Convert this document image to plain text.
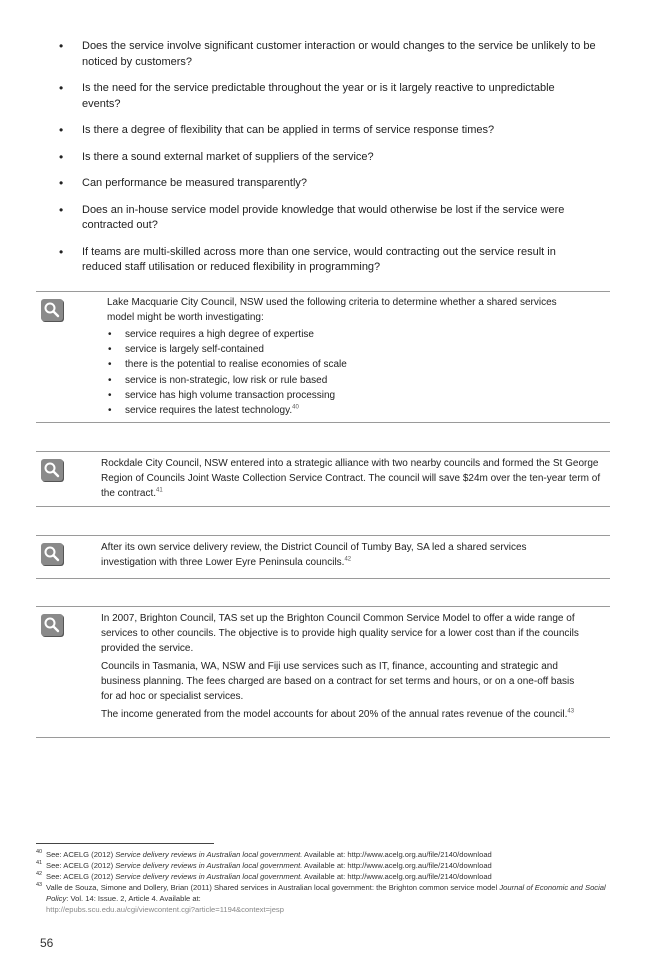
• Does the service involve significant customer interaction or would changes to the service be unlikely to be noticed by customers?
• Is the need for the service predictable throughout the year or is it largely reactive to unpredictable events?
• Is there a degree of flexibility that can be applied in terms of service response times?
• Is there a sound external market of suppliers of the service?
• Can performance be measured transparently?
• Does an in-house service model provide knowledge that would otherwise be lost if the service were contracted out?
• If teams are multi-skilled across more than one service, would contracting out the service result in reduced staff utilisation or reduced flexibility in programming?

Lake Macquarie City Council, NSW used the following criteria to determine whether a shared services model might be worth investigating:

• service requires a high degree of expertise
• service is largely self-contained
• there is the potential to realise economies of scale
• service is non-strategic, low risk or rule based
• service has high volume transaction processing
• service requires the latest technology.$^{40}$

Rockdale City Council, NSW entered into a strategic alliance with two nearby councils and formed the St George Region of Councils Joint Waste Collection Service Contract. The council will save $24m over the ten-year term of the contract.$^{41}$

After its own service delivery review, the District Council of Tumby Bay, SA led a shared services investigation with three Lower Eyre Peninsula councils.$^{42}$

In 2007, Brighton Council, TAS set up the Brighton Council Common Service Model to offer a wide range of services to other councils. The objective is to provide high quality service for a lower cost than if the councils provided the service.

Councils in Tasmania, WA, NSW and Fiji use services such as IT, finance, accounting and strategic and business planning. The fees charged are based on a contract for set terms and hours, or on a one-off basis for ad hoc or specialist services.

The income generated from the model accounts for about 20% of the annual rates revenue of the council.$^{43}$

40 See: ACELG (2012) Service delivery reviews in Australian local government. Available at: http://www.acelg.org.au/file/2140/download
41 See: ACELG (2012) Service delivery reviews in Australian local government. Available at: http://www.acelg.org.au/file/2140/download
42 See: ACELG (2012) Service delivery reviews in Australian local government. Available at: http://www.acelg.org.au/file/2140/download
43 Valle de Souza, Simone and Dollery, Brian (2011) Shared services in Australian local government: the Brighton common service model Journal of Economic and Social Policy: Vol. 14: Issue. 2, Article 4. Available at:
http://epubs.scu.edu.au/cgi/viewcontent.cgi?article=1194&context=jesp
56
